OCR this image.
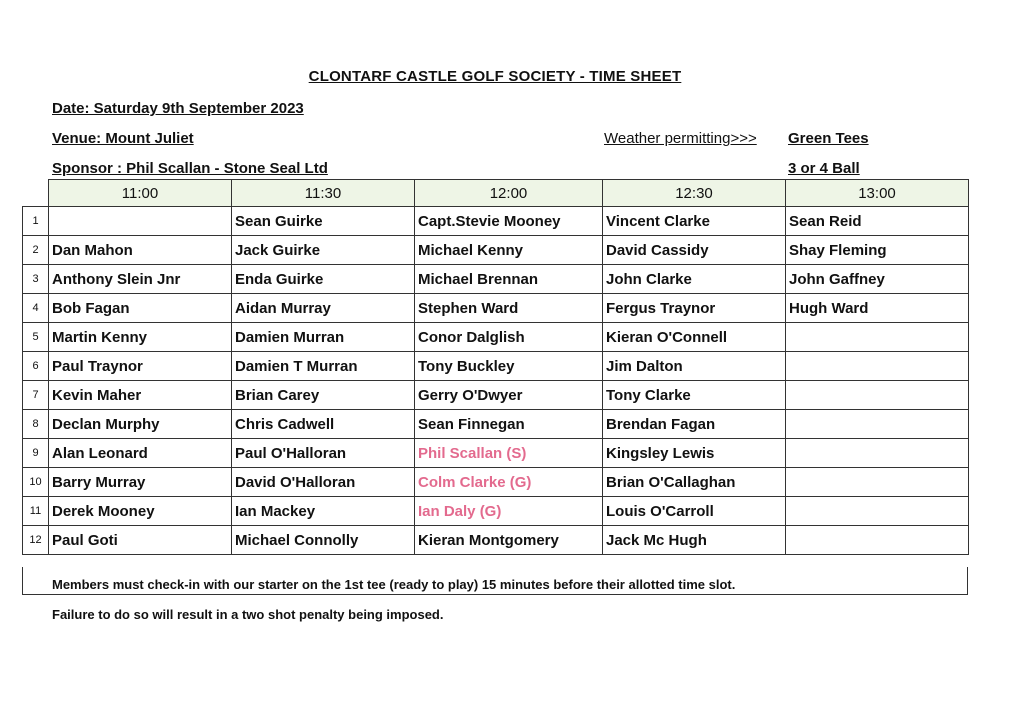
CLONTARF CASTLE GOLF SOCIETY - TIME SHEET
Date: Saturday 9th September 2023
Venue: Mount Juliet
Sponsor : Phil Scallan - Stone Seal Ltd
Weather permitting>>> Green Tees
3 or 4 Ball
	11:00	11:30	12:00	12:30	13:00
1		Sean Guirke	Capt.Stevie Mooney	Vincent Clarke	Sean Reid
2	Dan Mahon	Jack Guirke	Michael Kenny	David Cassidy	Shay Fleming
3	Anthony Slein Jnr	Enda Guirke	Michael Brennan	John Clarke	John Gaffney
4	Bob Fagan	Aidan Murray	Stephen Ward	Fergus Traynor	Hugh Ward
5	Martin Kenny	Damien Murran	Conor Dalglish	Kieran O'Connell	
6	Paul Traynor	Damien T Murran	Tony Buckley	Jim Dalton	
7	Kevin Maher	Brian Carey	Gerry O'Dwyer	Tony Clarke	
8	Declan Murphy	Chris Cadwell	Sean Finnegan	Brendan Fagan	
9	Alan Leonard	Paul O'Halloran	Phil Scallan (S)	Kingsley Lewis	
10	Barry Murray	David O'Halloran	Colm Clarke (G)	Brian O'Callaghan	
11	Derek Mooney	Ian Mackey	Ian Daly (G)	Louis O'Carroll	
12	Paul Goti	Michael Connolly	Kieran Montgomery	Jack Mc Hugh	
Members must check-in with our starter on the 1st tee (ready to play) 15 minutes before their allotted time slot.
Failure to do so will result in a two shot penalty being imposed.
